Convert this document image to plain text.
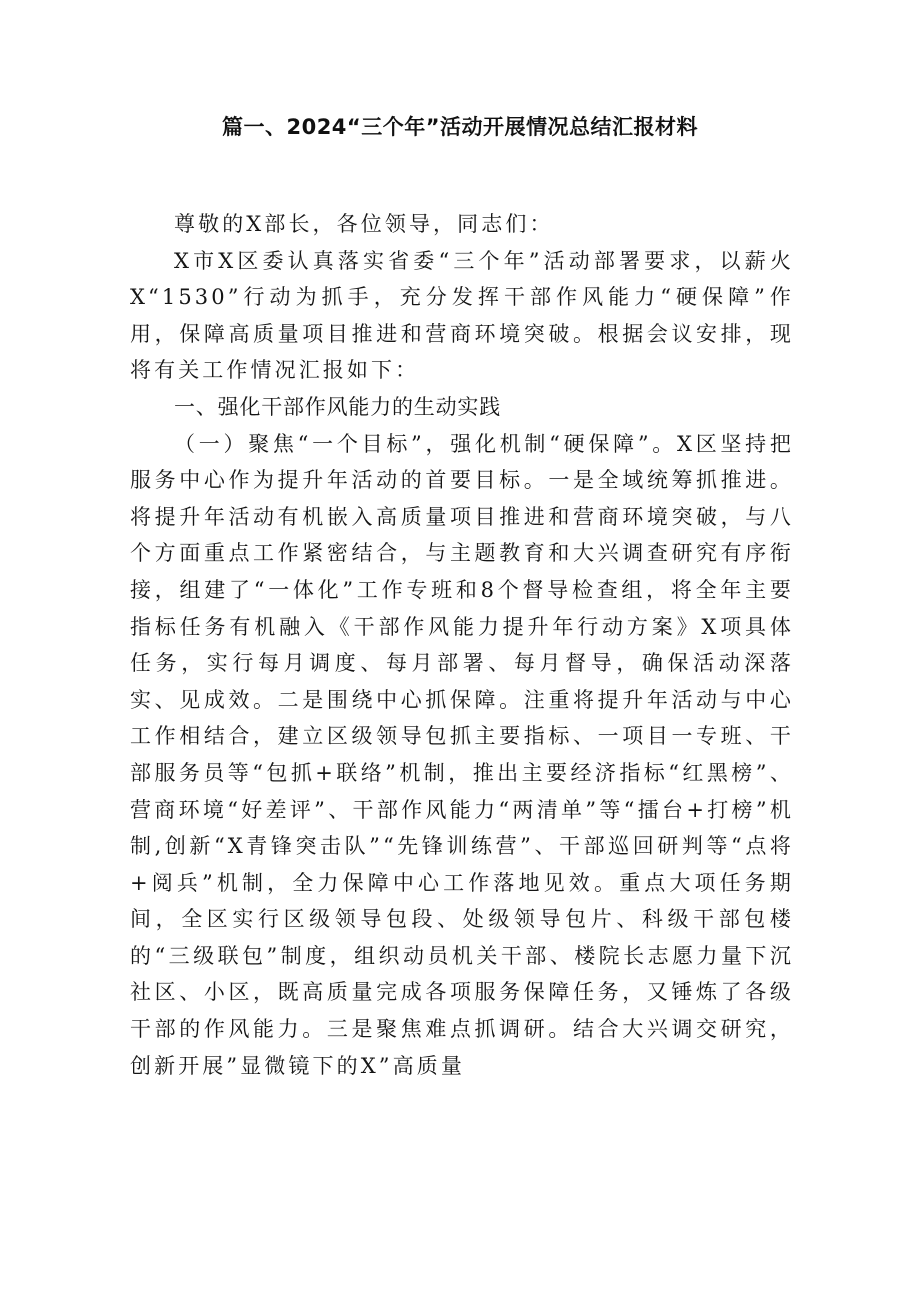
篇一、2024“三个年”活动开展情况总结汇报材料

尊敬的X部长，各位领导，同志们：

X市X区委认真落实省委“三个年”活动部署要求，以薪火X“1530”行动为抓手，充分发挥干部作风能力“硬保障”作用，保障高质量项目推进和营商环境突破。根据会议安排，现将有关工作情况汇报如下：

一、强化干部作风能力的生动实践

（一）聚焦“一个目标”，强化机制“硬保障”。X区坚持把服务中心作为提升年活动的首要目标。一是全域统筹抓推进。将提升年活动有机嵌入高质量项目推进和营商环境突破，与八个方面重点工作紧密结合，与主题教育和大兴调查研究有序衔接，组建了“一体化”工作专班和8个督导检查组，将全年主要指标任务有机融入《干部作风能力提升年行动方案》X项具体任务，实行每月调度、每月部署、每月督导，确保活动深落实、见成效。二是围绕中心抓保障。注重将提升年活动与中心工作相结合，建立区级领导包抓主要指标、一项目一专班、干部服务员等“包抓+联络”机制，推出主要经济指标“红黑榜”、营商环境“好差评”、干部作风能力“两清单”等“擂台+打榜”机制,创新“X青锋突击队”“先锋训练营”、干部巡回研判等“点将+阅兵”机制，全力保障中心工作落地见效。重点大项任务期间，全区实行区级领导包段、处级领导包片、科级干部包楼的“三级联包”制度，组织动员机关干部、楼院长志愿力量下沉社区、小区，既高质量完成各项服务保障任务，又锤炼了各级干部的作风能力。三是聚焦难点抓调研。结合大兴调交研究，创新开展”显微镜下的X”高质量
